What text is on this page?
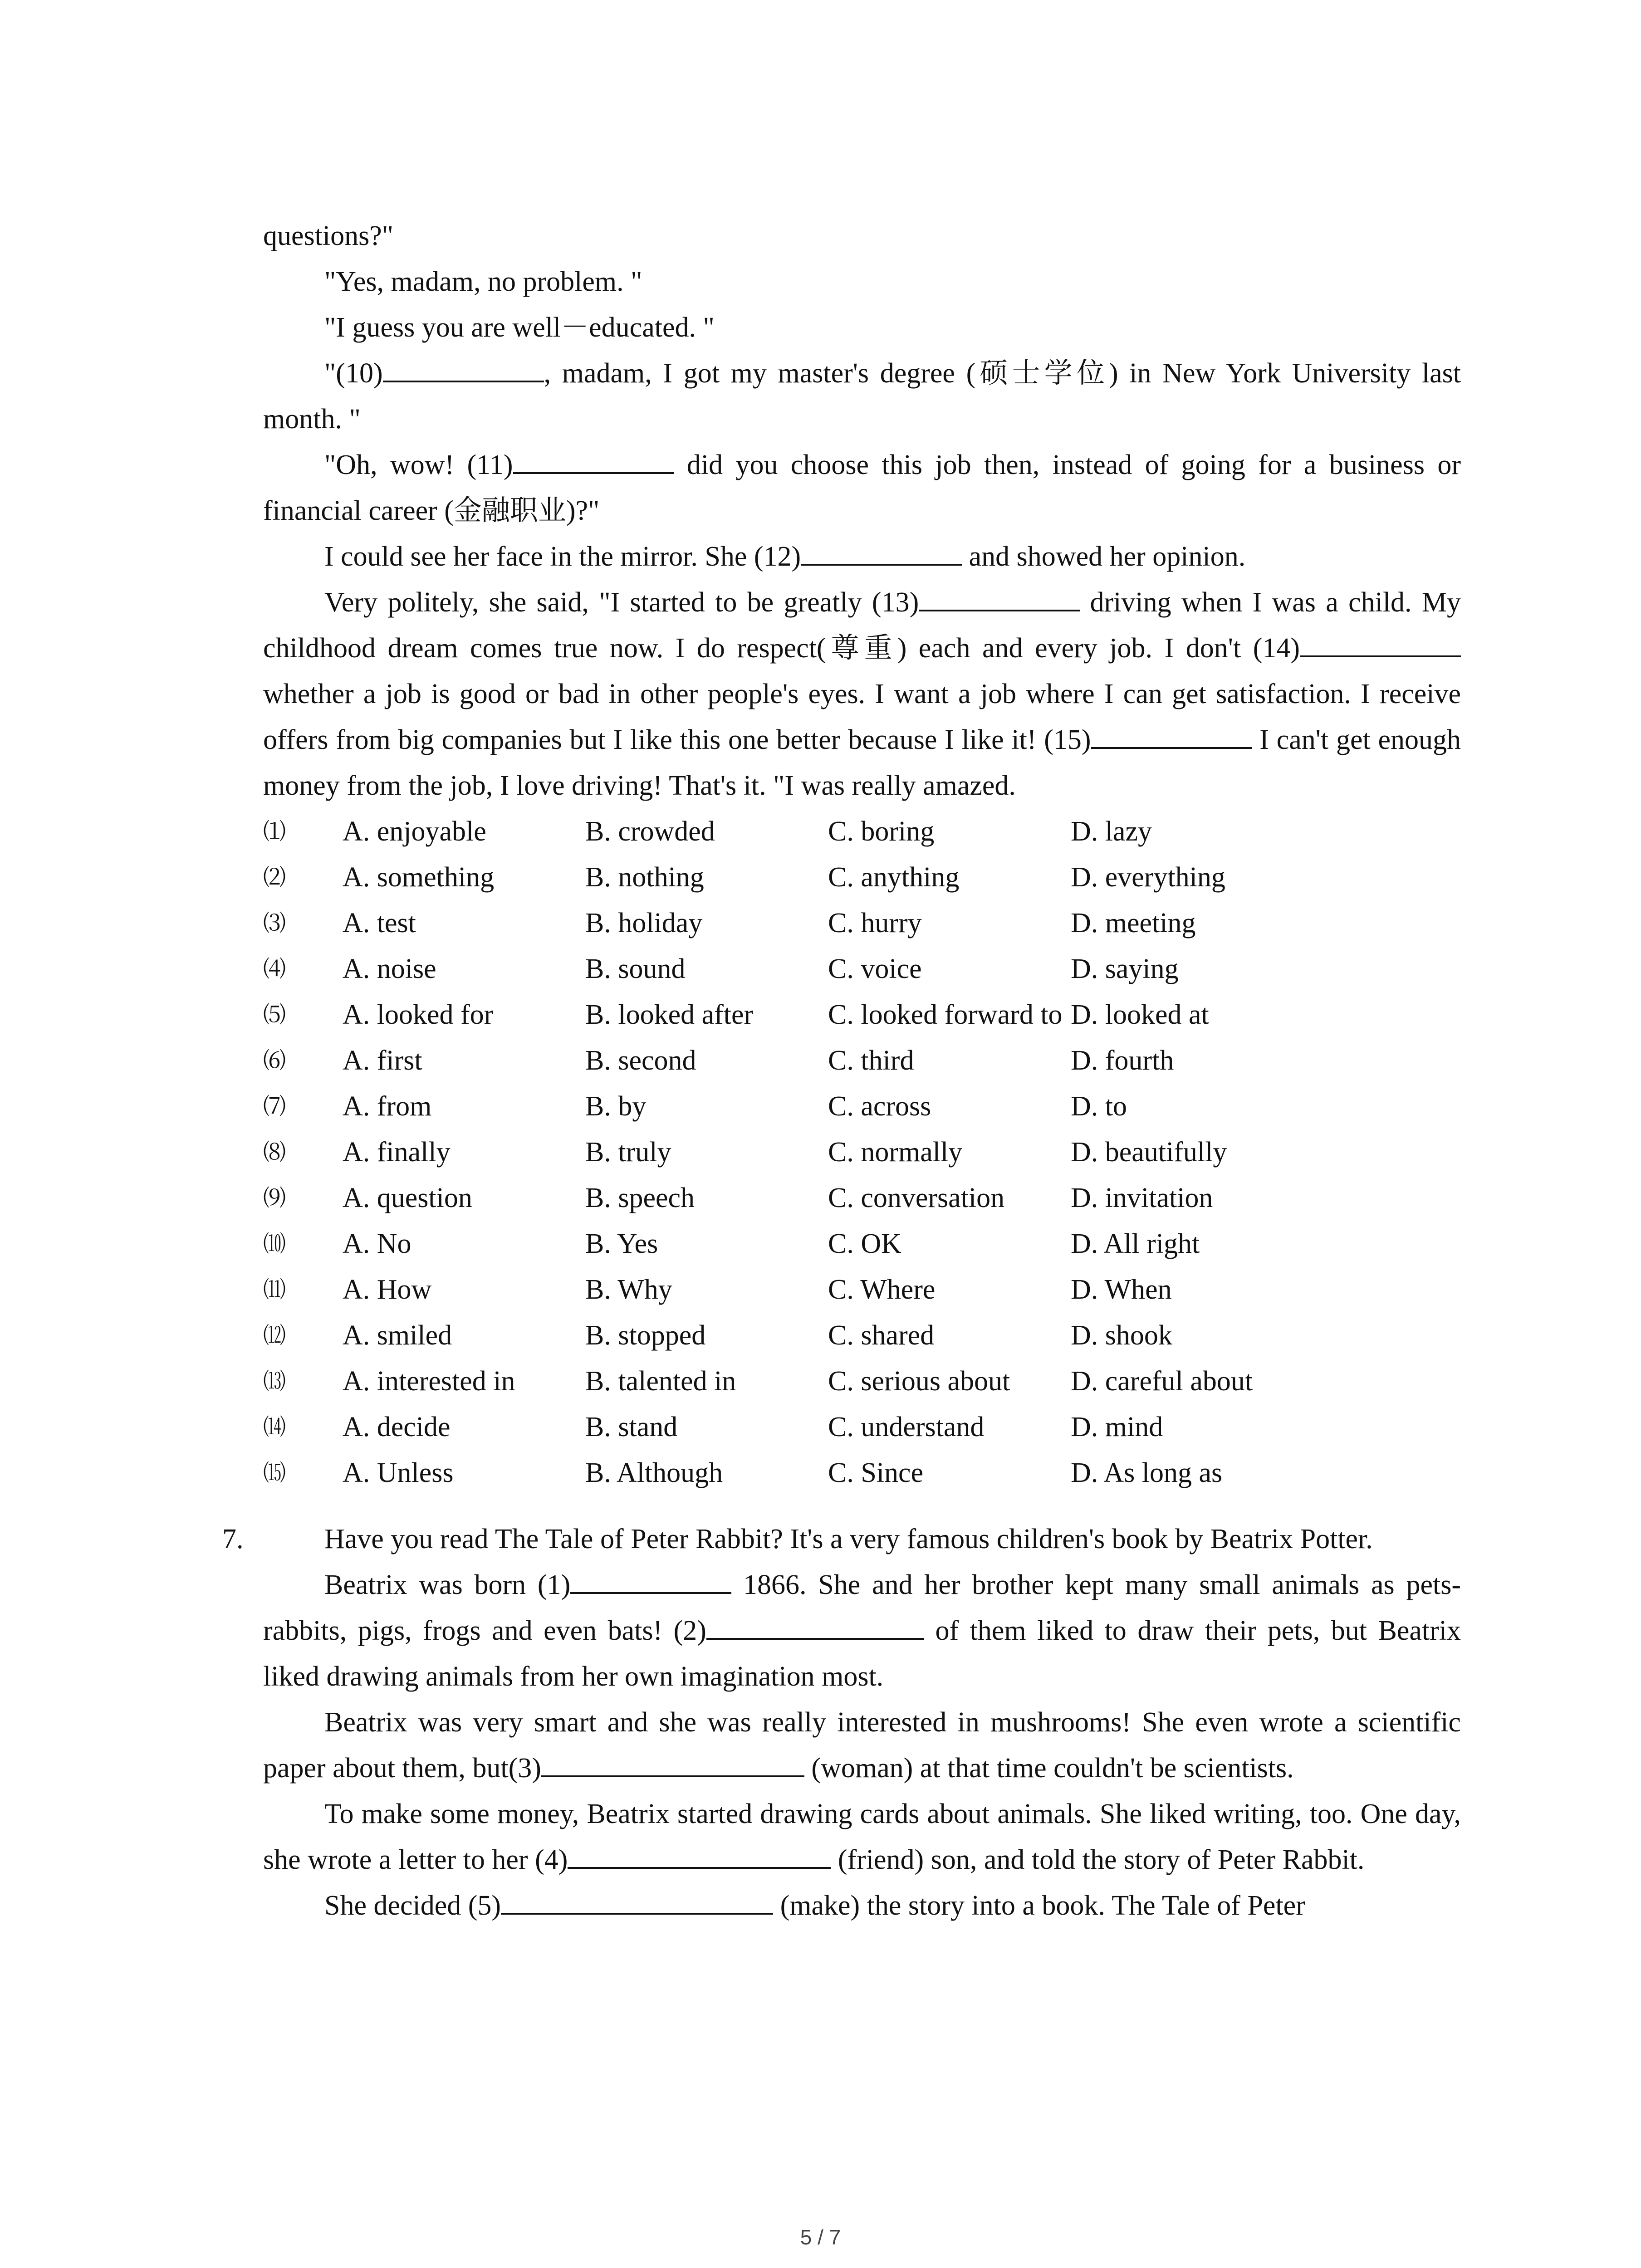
questions?"

"Yes, madam, no problem. "

"I guess you are well－educated. "

"(10)	, madam, I got my master's degree (硕士学位) in New York University last month. "

"Oh, wow! (11)	did you choose this job then, instead of going for a business or financial career (金融职业)?"

I could see her face in the mirror. She (12)	and showed her opinion.

Very politely, she said, "I started to be greatly (13)	driving when I was a child. My childhood dream comes true now. I do respect(尊重) each and every job. I don't (14) whether a job is good or bad in other people's eyes. I want a job where I can get satisfaction. I receive offers from big companies but I like this one better because I like it! (15)	I can't get enough money from the job, I love driving! That's it. "I was really amazed.

⑴	A. enjoyable	B. crowded	C. boring	D. lazy
⑵	A. something	B. nothing	C. anything	D. everything
⑶	A. test	B. holiday	C. hurry	D. meeting
⑷	A. noise	B. sound	C. voice	D. saying
⑸	A. looked for	B. looked after	C. looked forward to	D. looked at
⑹	A. first	B. second	C. third	D. fourth
⑺	A. from	B. by	C. across	D. to
⑻	A. finally	B. truly	C. normally	D. beautifully
⑼	A. question	B. speech	C. conversation	D. invitation
⑽	A. No	B. Yes	C. OK	D. All right
⑾	A. How	B. Why	C. Where	D. When
⑿	A. smiled	B. stopped	C. shared	D. shook
⒀	A. interested in	B. talented in	C. serious about	D. careful about
⒁	A. decide	B. stand	C. understand	D. mind
⒂	A. Unless	B. Although	C. Since	D. As long as
7.	Have you read The Tale of Peter Rabbit? It's a very famous children's book by Beatrix Potter.

Beatrix was born (1)	1866. She and her brother kept many small animals as pets-rabbits, pigs, frogs and even bats! (2)	of them liked to draw their pets, but Beatrix liked drawing animals from her own imagination most.

Beatrix was very smart and she was really interested in mushrooms! She even wrote a scientific paper about them, but(3)	(woman) at that time couldn't be scientists.

To make some money, Beatrix started drawing cards about animals. She liked writing, too. One day, she wrote a letter to her (4)	(friend) son, and told the story of Peter Rabbit.

She decided (5)	(make) the story into a book. The Tale of Peter

5 / 7
